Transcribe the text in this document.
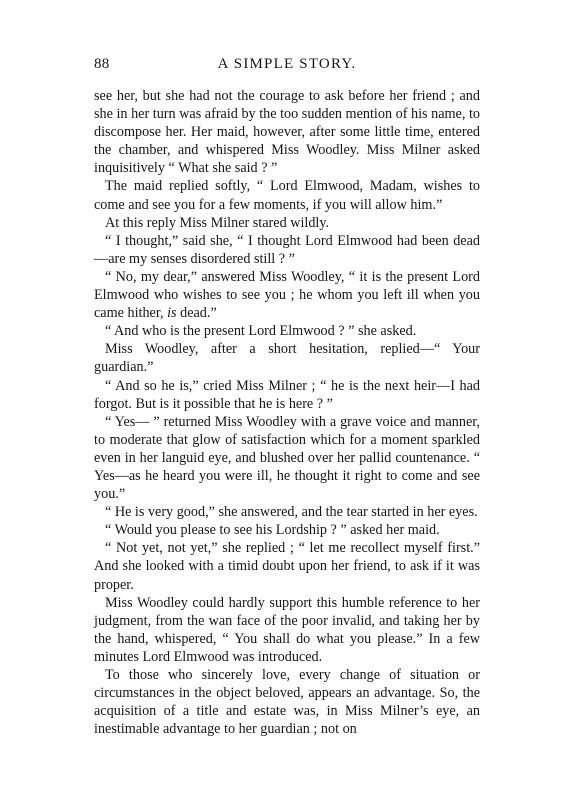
88	A SIMPLE STORY.

see her, but she had not the courage to ask before her friend ; and she in her turn was afraid by the too sudden mention of his name, to discompose her. Her maid, however, after some little time, entered the chamber, and whispered Miss Woodley. Miss Milner asked inquisitively “ What she said ? ”

The maid replied softly, “ Lord Elmwood, Madam, wishes to come and see you for a few moments, if you will allow him.”

At this reply Miss Milner stared wildly.

“ I thought,” said she, “ I thought Lord Elmwood had been dead—are my senses disordered still ? ”

“ No, my dear,” answered Miss Woodley, “ it is the present Lord Elmwood who wishes to see you ; he whom you left ill when you came hither, is dead.”

“ And who is the present Lord Elmwood ? ” she asked.

Miss Woodley, after a short hesitation, replied—“ Your guardian.”

“ And so he is,” cried Miss Milner ; “ he is the next heir—I had forgot. But is it possible that he is here ? ”

“ Yes— ” returned Miss Woodley with a grave voice and manner, to moderate that glow of satisfaction which for a moment sparkled even in her languid eye, and blushed over her pallid countenance. “ Yes—as he heard you were ill, he thought it right to come and see you.”

“ He is very good,” she answered, and the tear started in her eyes.

“ Would you please to see his Lordship ? ” asked her maid.

“ Not yet, not yet,” she replied ; “ let me recollect myself first.” And she looked with a timid doubt upon her friend, to ask if it was proper.

Miss Woodley could hardly support this humble reference to her judgment, from the wan face of the poor invalid, and taking her by the hand, whispered, “ You shall do what you please.” In a few minutes Lord Elmwood was introduced.

To those who sincerely love, every change of situation or circumstances in the object beloved, appears an advantage. So, the acquisition of a title and estate was, in Miss Milner’s eye, an inestimable advantage to her guardian ; not on
